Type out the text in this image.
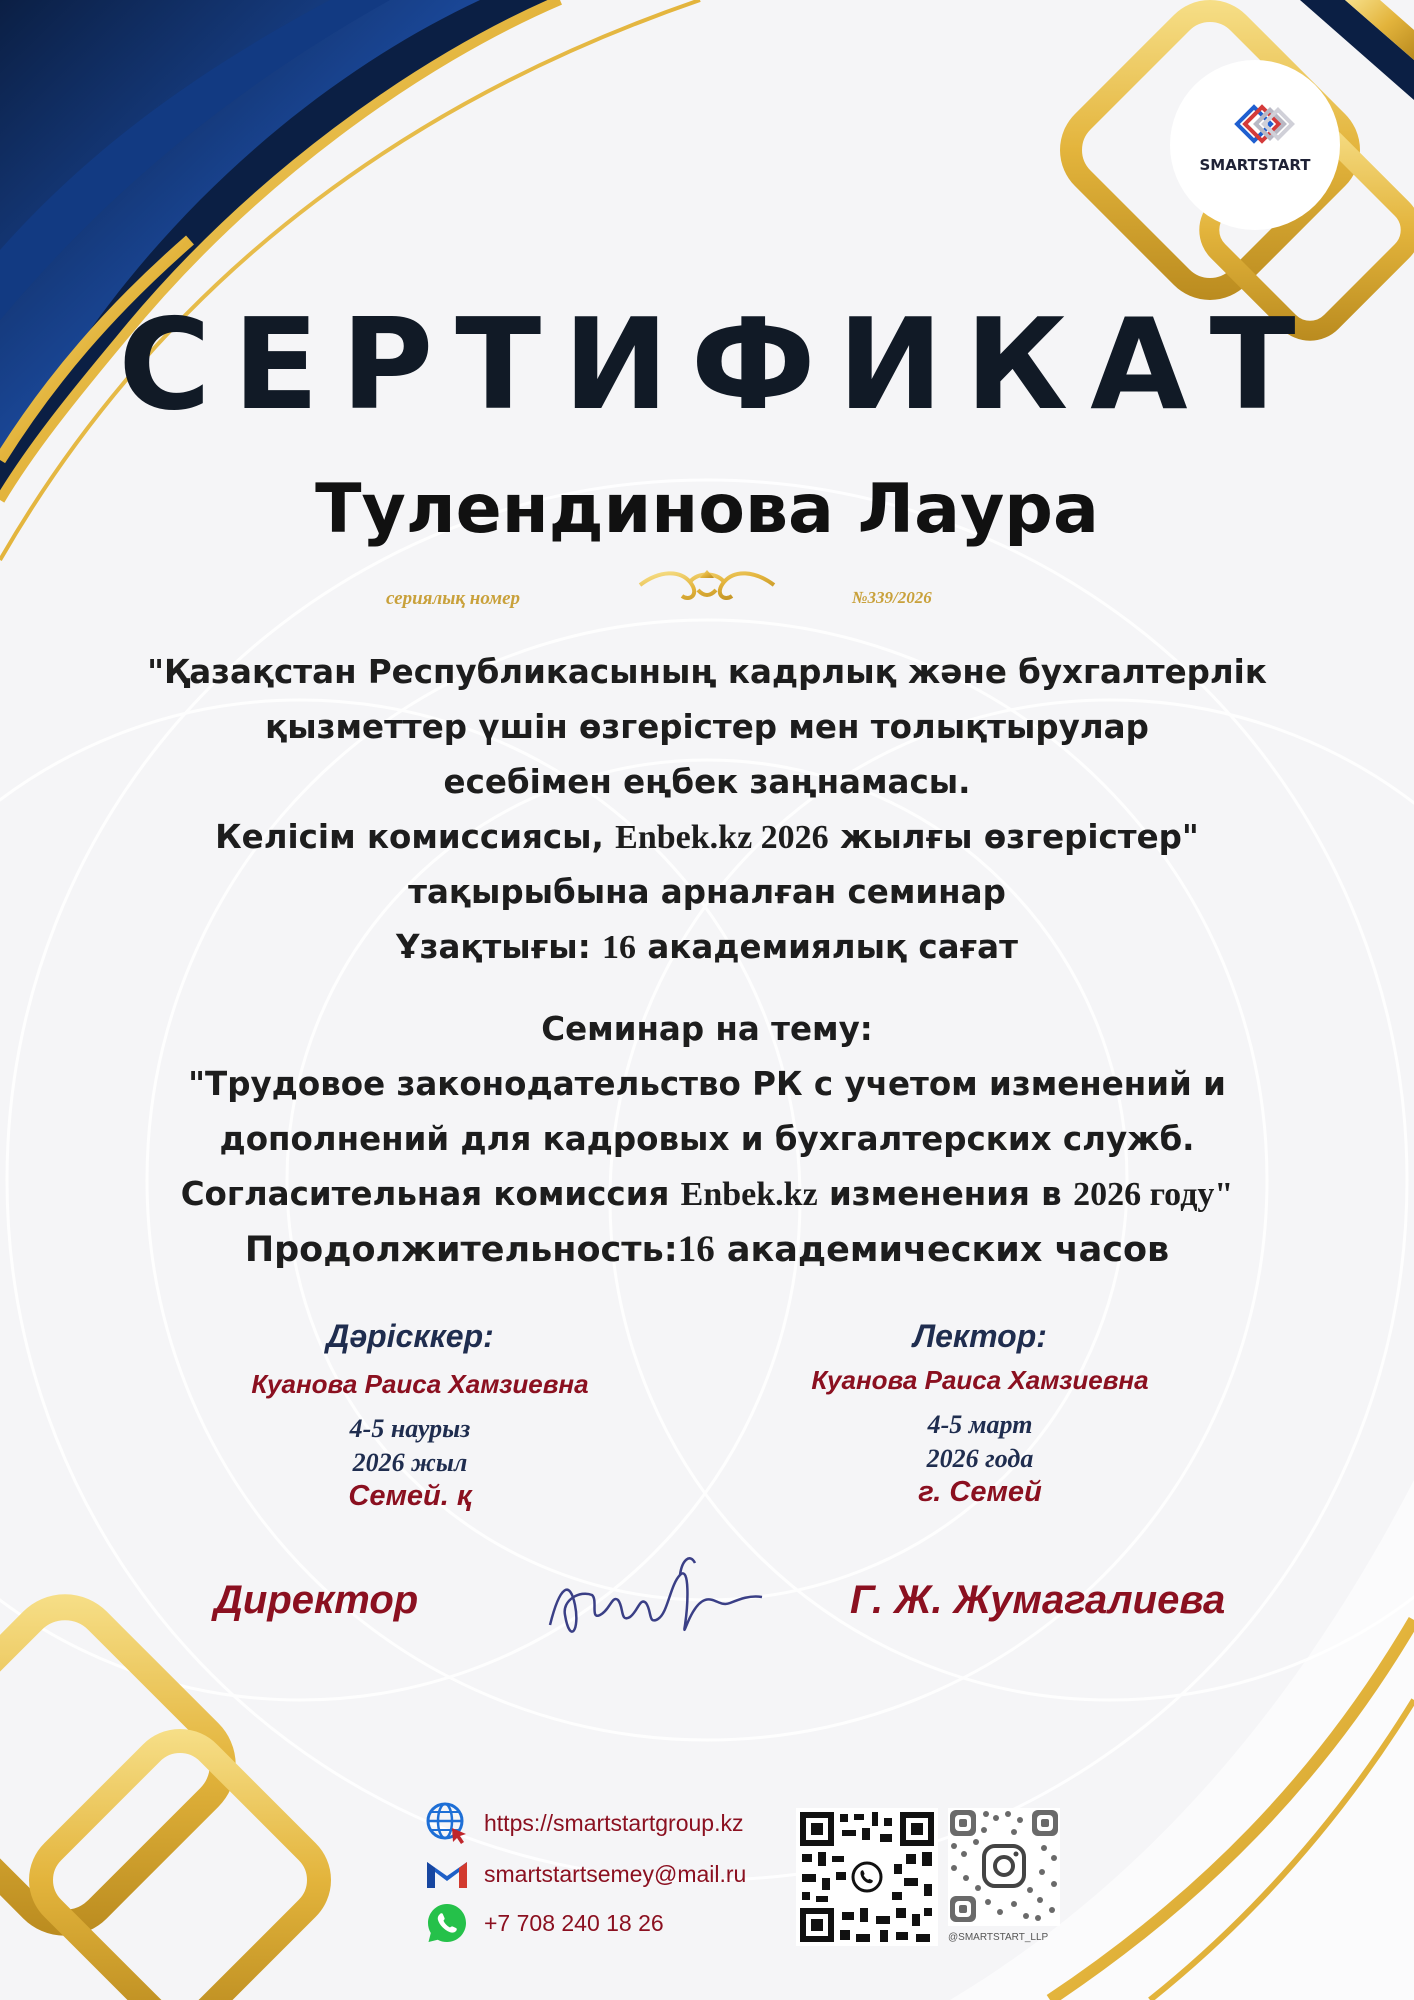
SMARTSTART
СЕРТИФИКАТ
Тулендинова Лаура
сериялық номер	№339/2026
"Қазақстан Республикасының кадрлық және бухгалтерлік
қызметтер үшін өзгерістер мен толықтырулар
есебімен еңбек заңнамасы.
Келісім комиссиясы, Enbek.kz 2026 жылғы өзгерістер"
тақырыбына арналған семинар
Ұзақтығы: 16 академиялық сағат
Семинар на тему:
"Трудовое законодательство РК с учетом изменений и
дополнений для кадровых и бухгалтерских служб.
Согласительная комиссия Enbek.kz изменения в 2026 году"
Продолжительность:16 академических часов
Дәрісккер:
Куанова Раиса Хамзиевна
4-5 наурыз
2026 жыл
Семей. қ
Лектор:
Куанова Раиса Хамзиевна
4-5 март
2026 года
г. Семей
Директор	Г. Ж. Жумагалиева
https://smartstartgroup.kz
smartstartsemey@mail.ru
+7 708 240 18 26
@SMARTSTART_LLP
